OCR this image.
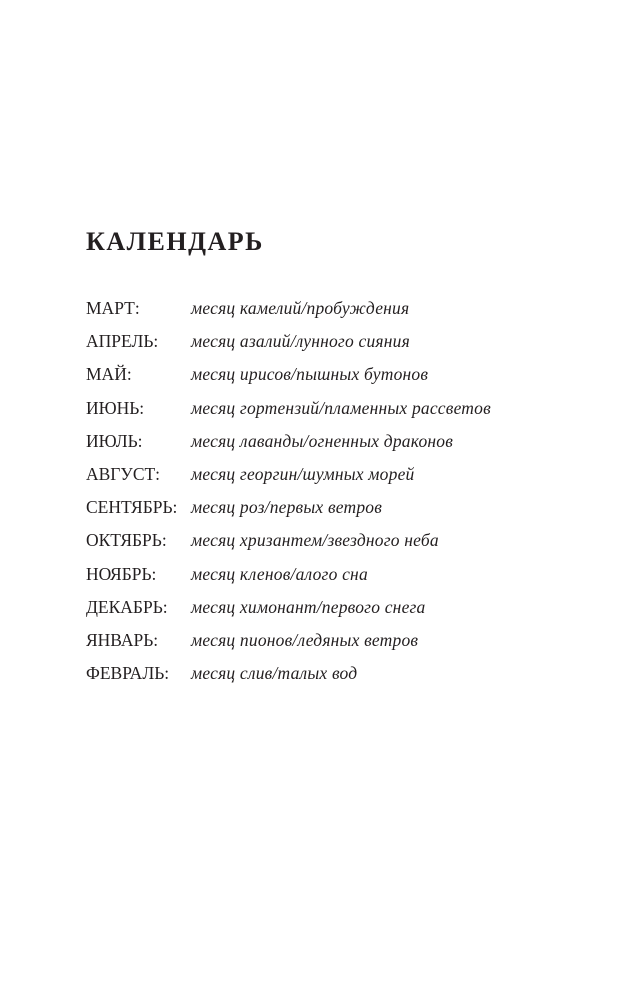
КАЛЕНДАРЬ
МАРТ:	месяц камелий/пробуждения
АПРЕЛЬ:	месяц азалий/лунного сияния
МАЙ:	месяц ирисов/пышных бутонов
ИЮНЬ:	месяц гортензий/пламенных рассветов
ИЮЛЬ:	месяц лаванды/огненных драконов
АВГУСТ:	месяц георгин/шумных морей
СЕНТЯБРЬ: месяц роз/первых ветров
ОКТЯБРЬ:	месяц хризантем/звездного неба
НОЯБРЬ:	месяц кленов/алого сна
ДЕКАБРЬ:	месяц химонант/первого снега
ЯНВАРЬ:	месяц пионов/ледяных ветров
ФЕВРАЛЬ:	месяц слив/талых вод
